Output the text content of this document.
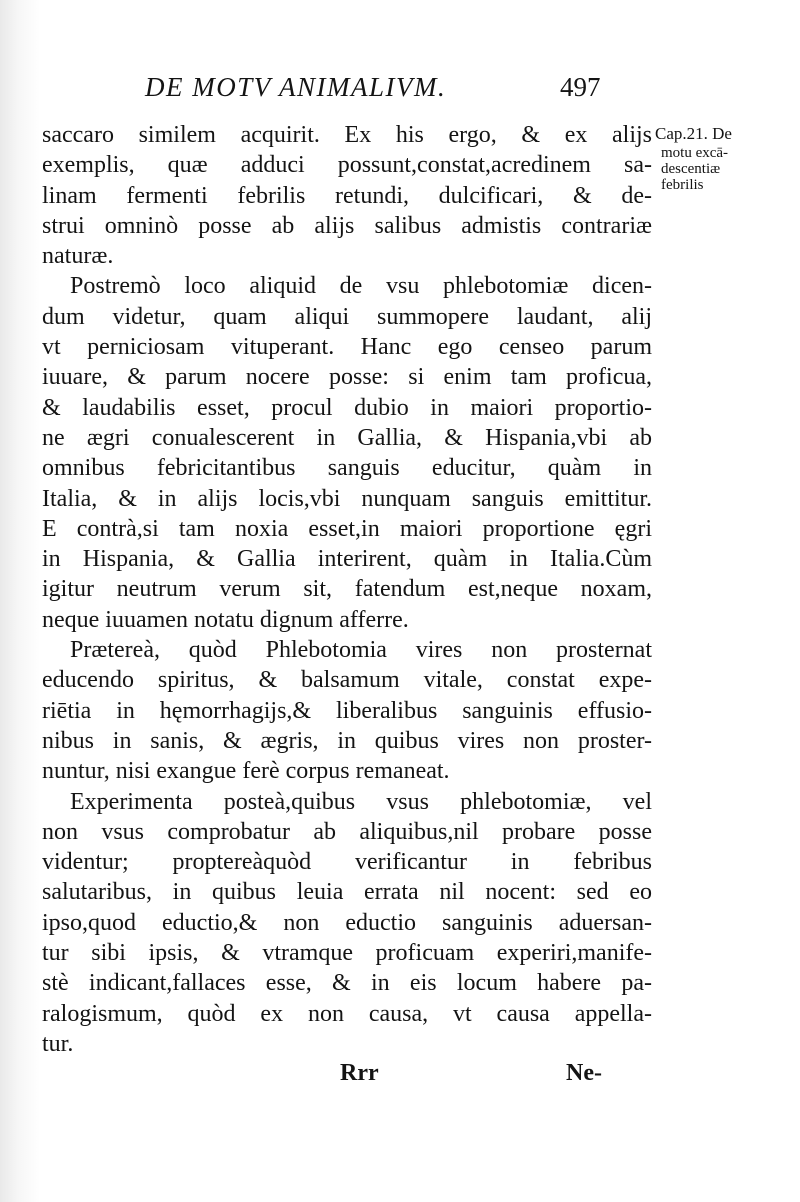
DE MOTV ANIMALIVM.	497
saccaro similem acquirit. Ex his ergo, & ex alijs
exemplis, quæ adduci possunt,constat,acredinem sa-
linam fermenti febrilis retundi, dulcificari, & de-
strui omninò posse ab alijs salibus admistis contrariæ
naturæ.
Postremò loco aliquid de vsu phlebotomiæ dicen-
dum videtur, quam aliqui summopere laudant, alij
vt perniciosam vituperant. Hanc ego censeo parum
iuuare, & parum nocere posse: si enim tam proficua,
& laudabilis esset, procul dubio in maiori proportio-
ne ægri conualescerent in Gallia, & Hispania,vbi ab
omnibus febricitantibus sanguis educitur, quàm in
Italia, & in alijs locis,vbi nunquam sanguis emittitur.
E contrà,si tam noxia esset,in maiori proportione ęgri
in Hispania, & Gallia interirent, quàm in Italia.Cùm
igitur neutrum verum sit, fatendum est,neque noxam,
neque iuuamen notatu dignum afferre.
Prætereà, quòd Phlebotomia vires non prosternat
educendo spiritus, & balsamum vitale, constat expe-
riētia in hęmorrhagijs,& liberalibus sanguinis effusio-
nibus in sanis, & ægris, in quibus vires non proster-
nuntur, nisi exangue ferè corpus remaneat.
Experimenta posteà,quibus vsus phlebotomiæ, vel
non vsus comprobatur ab aliquibus,nil probare posse
videntur; proptereàquòd verificantur in febribus
salutaribus, in quibus leuia errata nil nocent: sed eo
ipso,quod eductio,& non eductio sanguinis aduersan-
tur sibi ipsis, & vtramque proficuam experiri,manife-
stè indicant,fallaces esse, & in eis locum habere pa-
ralogismum, quòd ex non causa, vt causa appella-
tur.
Cap.21. De
motu excā-
descentiæ
febrilis
Rrr	Ne-
